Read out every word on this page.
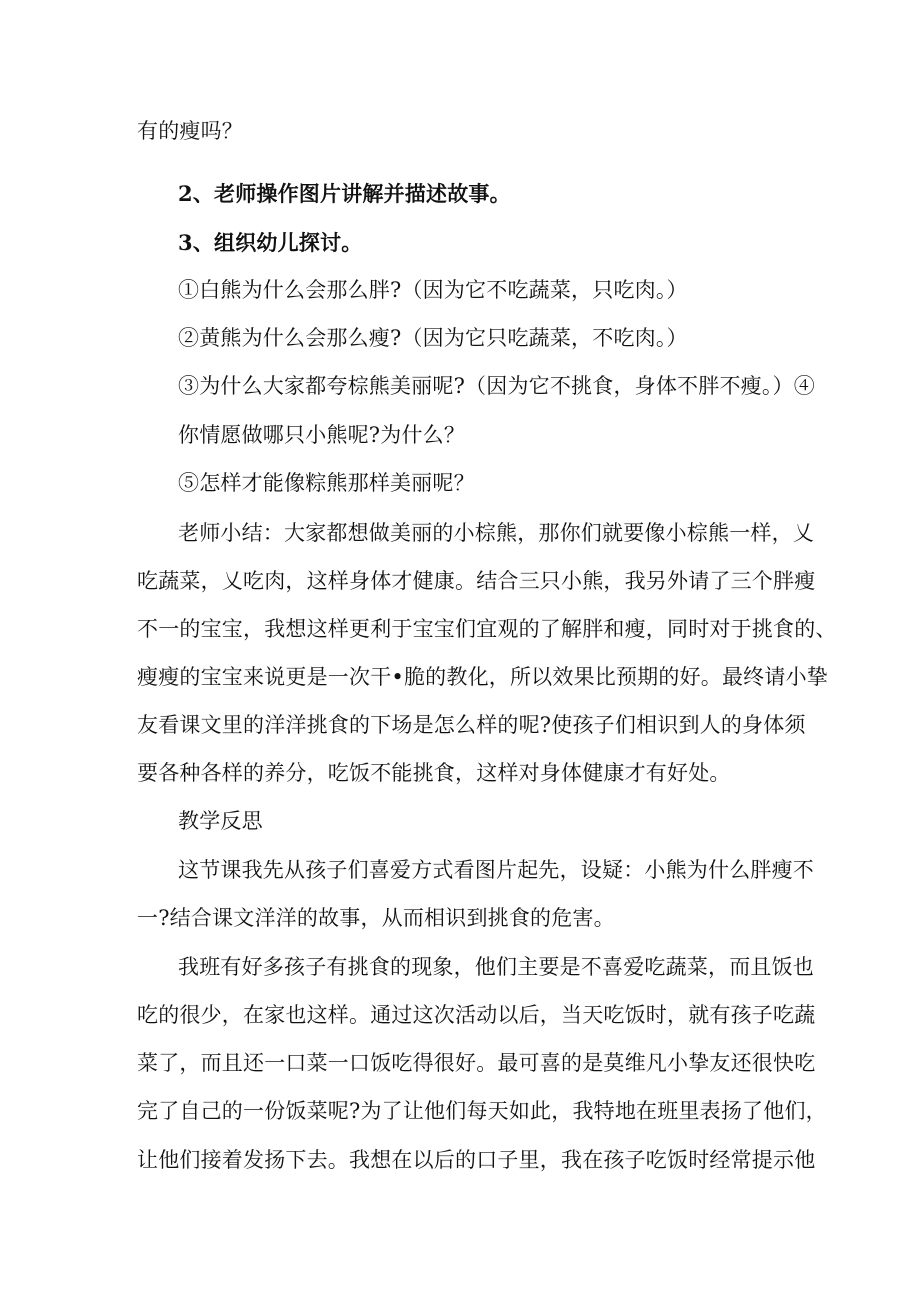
有的瘦吗？
2、老师操作图片讲解并描述故事。
3、组织幼儿探讨。
①白熊为什么会那么胖?（因为它不吃蔬菜，只吃肉。）
②黄熊为什么会那么瘦?（因为它只吃蔬菜，不吃肉。）
③为什么大家都夸棕熊美丽呢?（因为它不挑食，身体不胖不瘦。）④
你情愿做哪只小熊呢?为什么？
⑤怎样才能像粽熊那样美丽呢？
老师小结：大家都想做美丽的小棕熊，那你们就要像小棕熊一样，乂
吃蔬菜，乂吃肉，这样身体才健康。结合三只小熊，我另外请了三个胖瘦
不一的宝宝，我想这样更利于宝宝们宜观的了解胖和瘦，同时对于挑食的、
瘦瘦的宝宝来说更是一次干•脆的教化，所以效果比预期的好。最终请小挚
友看课文里的洋洋挑食的下场是怎么样的呢?使孩子们相识到人的身体须
要各种各样的养分，吃饭不能挑食，这样对身体健康才有好处。
教学反思
这节课我先从孩子们喜爱方式看图片起先，设疑：小熊为什么胖瘦不
一?结合课文洋洋的故事，从而相识到挑食的危害。
我班有好多孩子有挑食的现象，他们主要是不喜爱吃蔬菜，而且饭也
吃的很少，在家也这样。通过这次活动以后，当天吃饭时，就有孩子吃蔬
菜了，而且还一口菜一口饭吃得很好。最可喜的是莫维凡小挚友还很快吃
完了自己的一份饭菜呢?为了让他们每天如此，我特地在班里表扬了他们，
让他们接着发扬下去。我想在以后的口子里，我在孩子吃饭时经常提示他
